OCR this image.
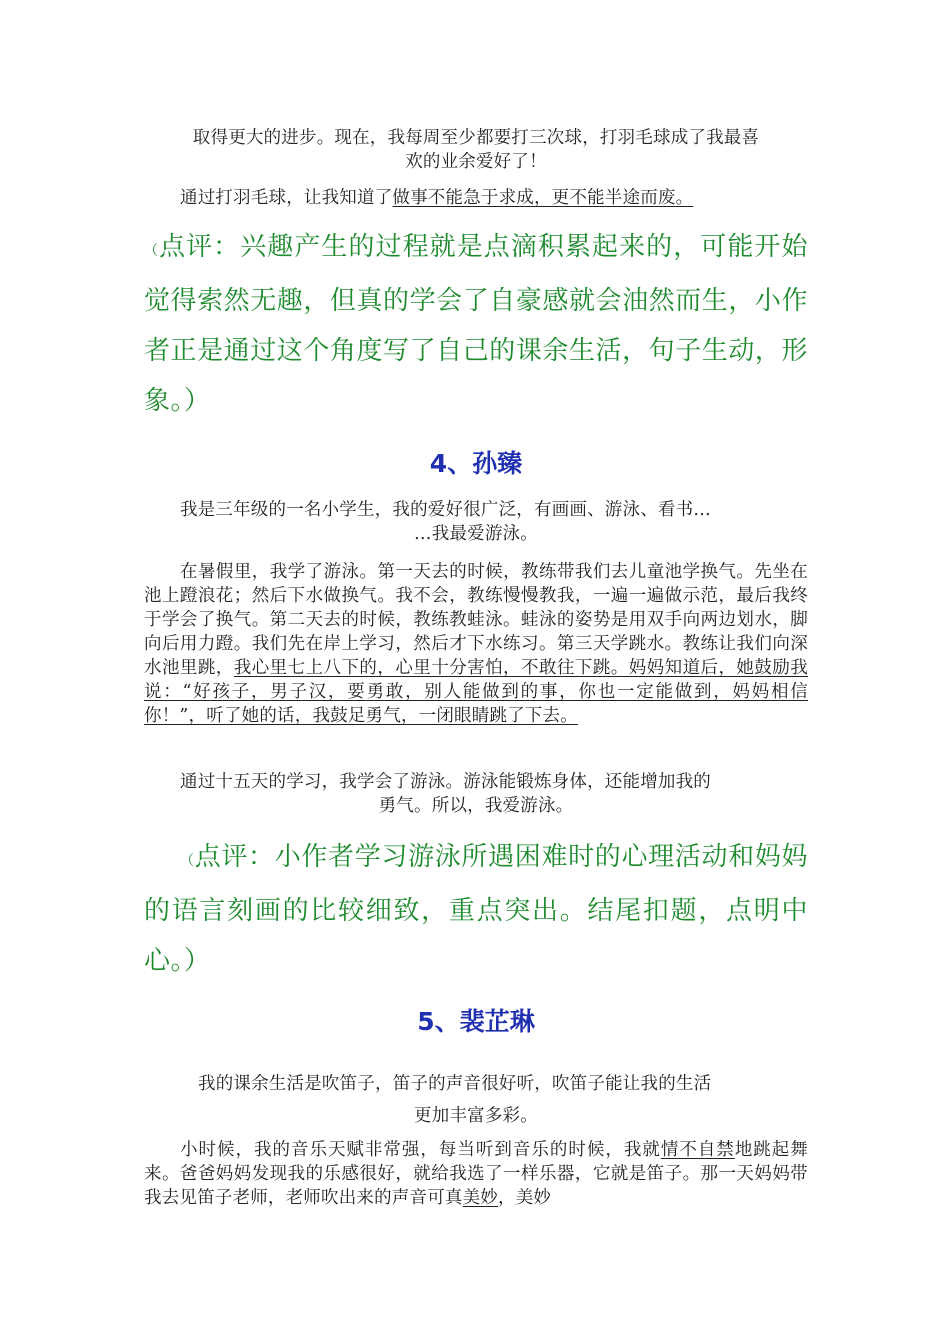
取得更大的进步。现在，我每周至少都要打三次球，打羽毛球成了我最喜
欢的业余爱好了！
通过打羽毛球，让我知道了做事不能急于求成，更不能半途而废。
（点评：兴趣产生的过程就是点滴积累起来的，可能开始觉得索然无趣，但真的学会了自豪感就会油然而生，小作者正是通过这个角度写了自己的课余生活，句子生动，形象。）
4、孙臻
我是三年级的一名小学生，我的爱好很广泛，有画画、游泳、看书…
…我最爱游泳。
在暑假里，我学了游泳。第一天去的时候，教练带我们去儿童池学换气。先坐在池上蹬浪花；然后下水做换气。我不会，教练慢慢教我，一遍一遍做示范，最后我终于学会了换气。第二天去的时候，教练教蛙泳。蛙泳的姿势是用双手向两边划水，脚向后用力蹬。我们先在岸上学习，然后才下水练习。第三天学跳水。教练让我们向深水池里跳，我心里七上八下的，心里十分害怕，不敢往下跳。妈妈知道后，她鼓励我说：“好孩子，男子汉，要勇敢，别人能做到的事，你也一定能做到，妈妈相信你！”，听了她的话，我鼓足勇气，一闭眼睛跳了下去。
通过十五天的学习，我学会了游泳。游泳能锻炼身体，还能增加我的
勇气。所以，我爱游泳。
（点评：小作者学习游泳所遇困难时的心理活动和妈妈的语言刻画的比较细致，重点突出。结尾扣题，点明中心。）
5、裴芷琳
我的课余生活是吹笛子，笛子的声音很好听，吹笛子能让我的生活
更加丰富多彩。
小时候，我的音乐天赋非常强，每当听到音乐的时候，我就情不自禁地跳起舞来。爸爸妈妈发现我的乐感很好，就给我选了一样乐器，它就是笛子。那一天妈妈带我去见笛子老师，老师吹出来的声音可真美妙，美妙
